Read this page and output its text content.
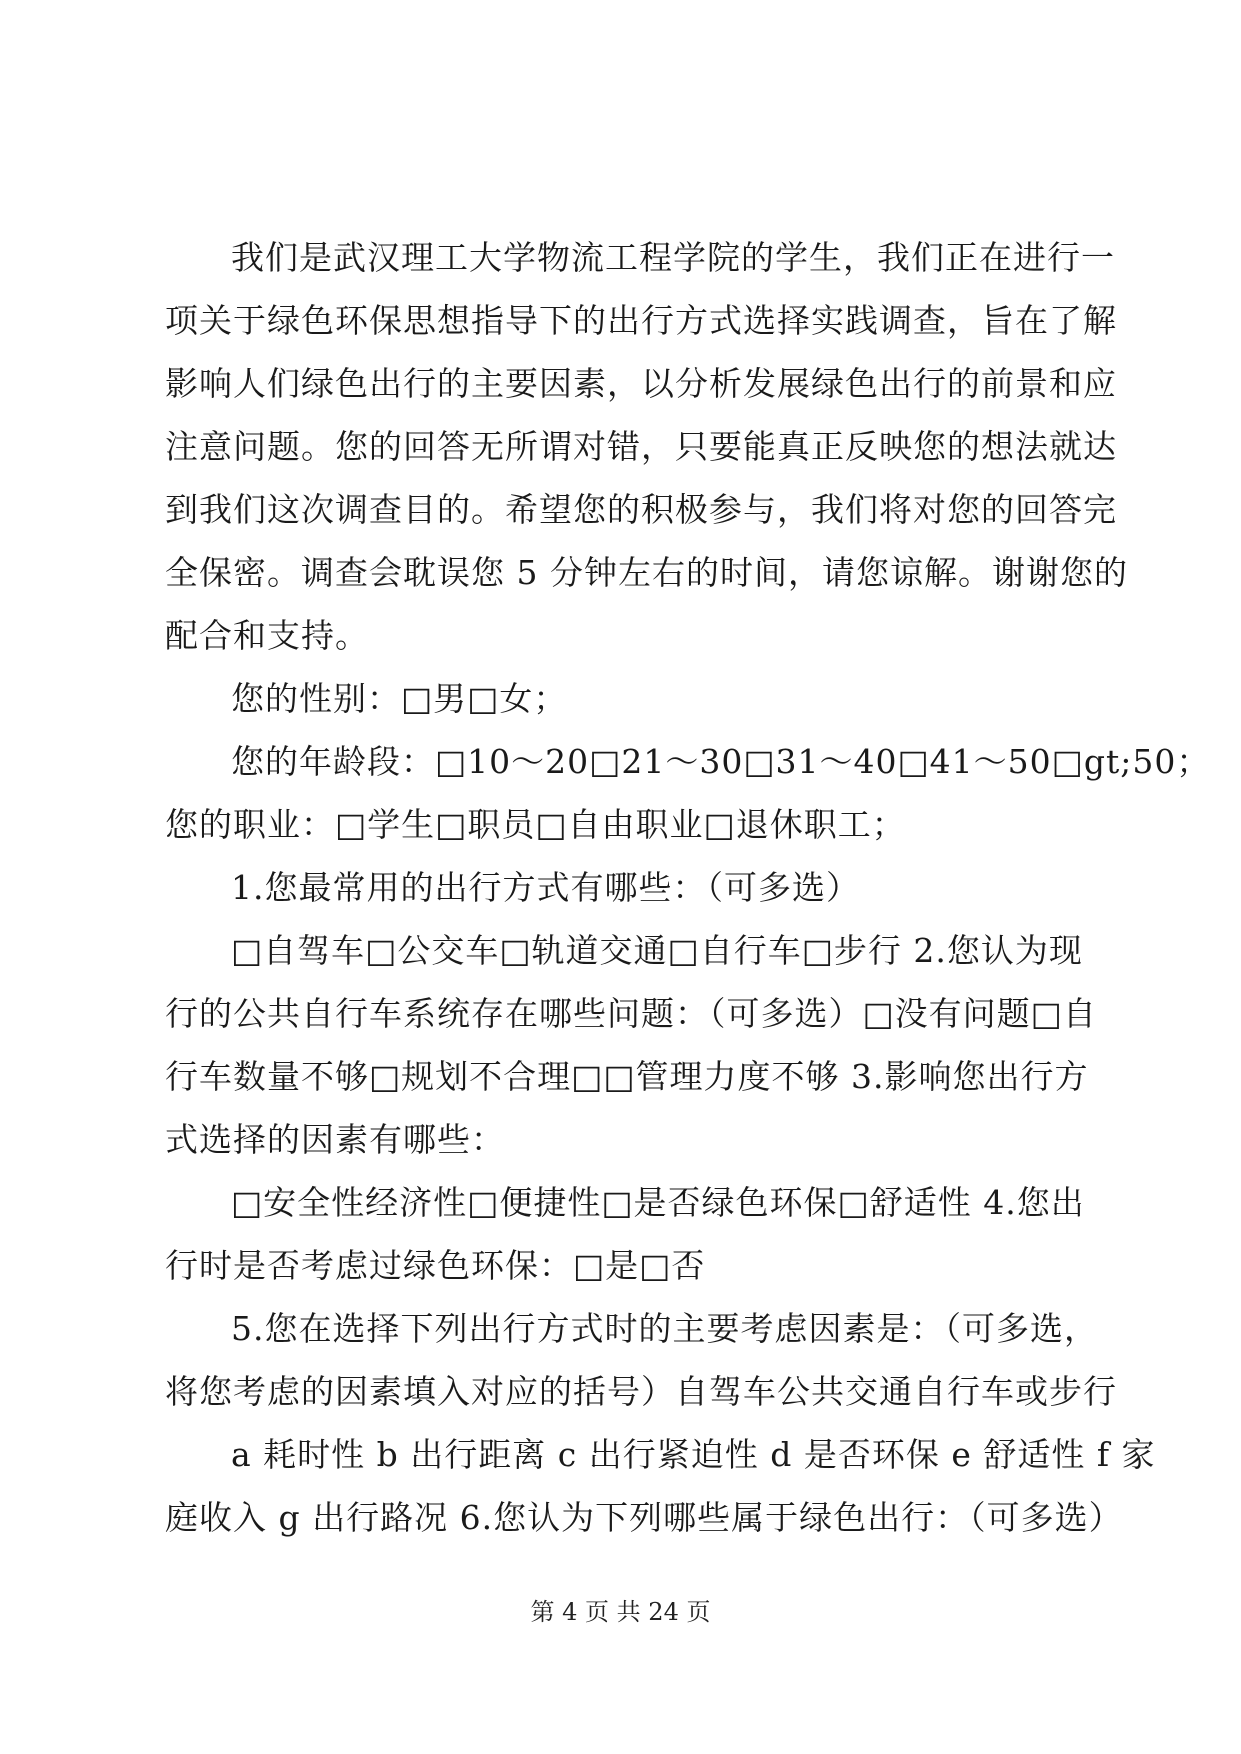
我们是武汉理工大学物流工程学院的学生，我们正在进行一
项关于绿色环保思想指导下的出行方式选择实践调查，旨在了解
影响人们绿色出行的主要因素，以分析发展绿色出行的前景和应
注意问题。您的回答无所谓对错，只要能真正反映您的想法就达
到我们这次调查目的。希望您的积极参与，我们将对您的回答完
全保密。调查会耽误您 5 分钟左右的时间，请您谅解。谢谢您的
配合和支持。
您的性别：□男□女；
您的年龄段：□10～20□21～30□31～40□41～50□gt;50；
您的职业：□学生□职员□自由职业□退休职工；
1.您最常用的出行方式有哪些：（可多选）
□自驾车□公交车□轨道交通□自行车□步行 2.您认为现
行的公共自行车系统存在哪些问题：（可多选）□没有问题□自
行车数量不够□规划不合理□□管理力度不够 3.影响您出行方
式选择的因素有哪些：
□安全性经济性□便捷性□是否绿色环保□舒适性 4.您出
行时是否考虑过绿色环保：□是□否
5.您在选择下列出行方式时的主要考虑因素是：（可多选，
将您考虑的因素填入对应的括号）自驾车公共交通自行车或步行
a 耗时性 b 出行距离 c 出行紧迫性 d 是否环保 e 舒适性 f 家
庭收入 g 出行路况 6.您认为下列哪些属于绿色出行：（可多选）
第 4 页 共 24 页
